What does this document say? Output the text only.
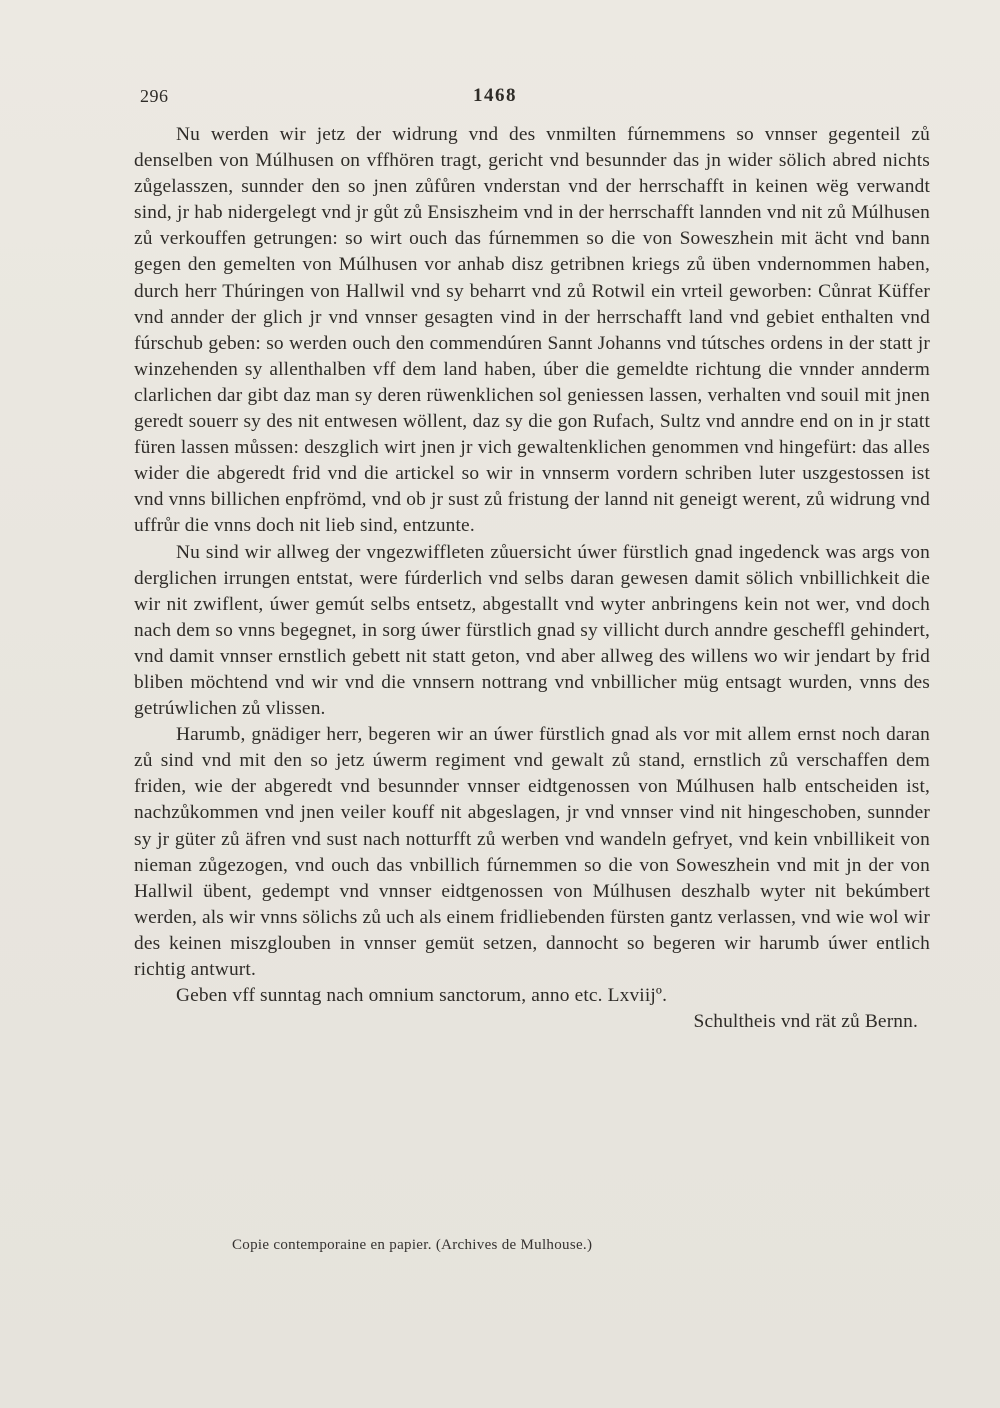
296	1468

Nu werden wir jetz der widrung vnd des vnmilten fúrnemmens so vnnser gegenteil zů denselben von Múlhusen on vffhören tragt, gericht vnd besunnder das jn wider sölich abred nichts zůgelasszen, sunnder den so jnen zůfůren vnderstan vnd der herrschafft in keinen wëg verwandt sind, jr hab nidergelegt vnd jr gůt zů Ensiszheim vnd in der herrschafft lannden vnd nit zů Múlhusen zů verkouffen getrungen: so wirt ouch das fúrnemmen so die von Soweszhein mit ächt vnd bann gegen den gemelten von Múlhusen vor anhab disz getribnen kriegs zů üben vndernommen haben, durch herr Thúringen von Hallwil vnd sy beharrt vnd zů Rotwil ein vrteil geworben: Cůnrat Küffer vnd annder der glich jr vnd vnnser gesagten vind in der herrschafft land vnd gebiet enthalten vnd fúrschub geben: so werden ouch den commendúren Sannt Johanns vnd tútsches ordens in der statt jr winzehenden sy allenthalben vff dem land haben, úber die gemeldte richtung die vnnder annderm clarlichen dar gibt daz man sy deren rüwenklichen sol geniessen lassen, verhalten vnd souil mit jnen geredt souerr sy des nit entwesen wöllent, daz sy die gon Rufach, Sultz vnd anndre end on in jr statt füren lassen můssen: deszglich wirt jnen jr vich gewaltenklichen genommen vnd hingefürt: das alles wider die abgeredt frid vnd die artickel so wir in vnnserm vordern schriben luter uszgestossen ist vnd vnns billichen enpfrömd, vnd ob jr sust zů fristung der lannd nit geneigt werent, zů widrung vnd uffrůr die vnns doch nit lieb sind, entzunte.

Nu sind wir allweg der vngezwiffleten zůuersicht úwer fürstlich gnad ingedenck was args von derglichen irrungen entstat, were fúrderlich vnd selbs daran gewesen damit sölich vnbillichkeit die wir nit zwiflent, úwer gemút selbs entsetz, abgestallt vnd wyter anbringens kein not wer, vnd doch nach dem so vnns begegnet, in sorg úwer fürstlich gnad sy villicht durch anndre gescheffl gehindert, vnd damit vnnser ernstlich gebett nit statt geton, vnd aber allweg des willens wo wir jendart by frid bliben möchtend vnd wir vnd die vnnsern nottrang vnd vnbillicher müg entsagt wurden, vnns des getrúwlichen zů vlissen.

Harumb, gnädiger herr, begeren wir an úwer fürstlich gnad als vor mit allem ernst noch daran zů sind vnd mit den so jetz úwerm regiment vnd gewalt zů stand, ernstlich zů verschaffen dem friden, wie der abgeredt vnd besunnder vnnser eidtgenossen von Múlhusen halb entscheiden ist, nachzůkommen vnd jnen veiler kouff nit abgeslagen, jr vnd vnnser vind nit hingeschoben, sunnder sy jr güter zů äfren vnd sust nach notturfft zů werben vnd wandeln gefryet, vnd kein vnbillikeit von nieman zůgezogen, vnd ouch das vnbillich fúrnemmen so die von Soweszhein vnd mit jn der von Hallwil übent, gedempt vnd vnnser eidtgenossen von Múlhusen deszhalb wyter nit bekúmbert werden, als wir vnns sölichs zů uch als einem fridliebenden fürsten gantz verlassen, vnd wie wol wir des keinen miszglouben in vnnser gemüt setzen, dannocht so begeren wir harumb úwer entlich richtig antwurt.

Geben vff sunntag nach omnium sanctorum, anno etc. Lxviijº.

Schultheis vnd rät zů Bernn.

Copie contemporaine en papier. (Archives de Mulhouse.)
